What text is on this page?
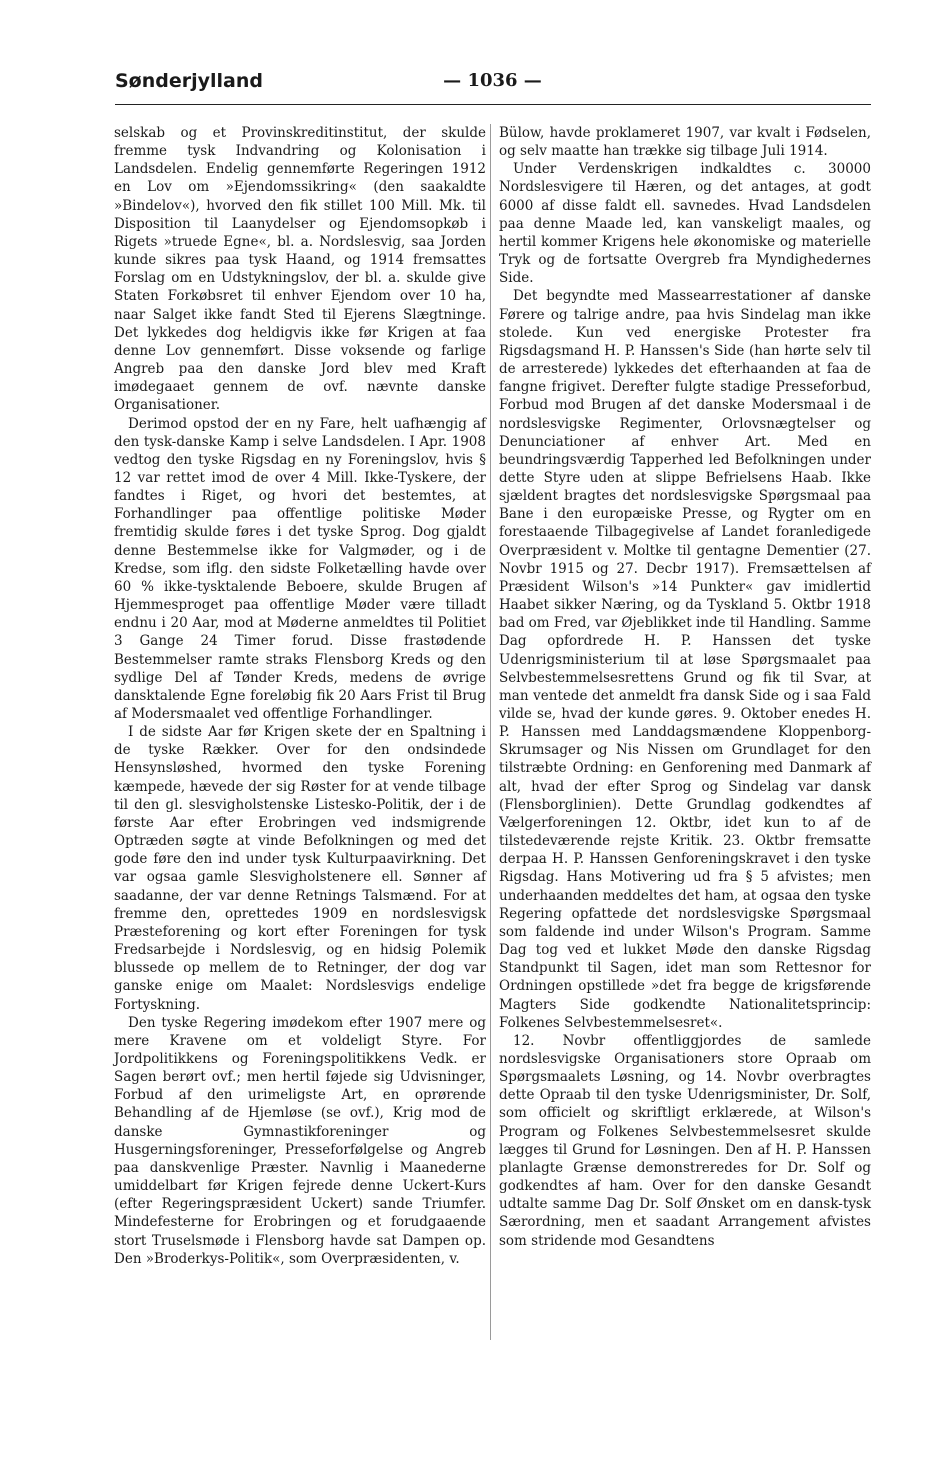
Sønderjylland	— 1036 —

selskab og et Provinskreditinstitut, der skulde fremme tysk Indvandring og Kolonisation i Landsdelen. Endelig gennemførte Regeringen 1912 en Lov om »Ejendomssikring« (den saakaldte »Bindelov«), hvorved den fik stillet 100 Mill. Mk. til Disposition til Laanydelser og Ejendomsopkøb i Rigets »truede Egne«, bl. a. Nordslesvig, saa Jorden kunde sikres paa tysk Haand, og 1914 fremsattes Forslag om en Udstykningslov, der bl. a. skulde give Staten Forkøbsret til enhver Ejendom over 10 ha, naar Salget ikke fandt Sted til Ejerens Slægtninge. Det lykkedes dog heldigvis ikke før Krigen at faa denne Lov gennemført. Disse voksende og farlige Angreb paa den danske Jord blev med Kraft imødegaaet gennem de ovf. nævnte danske Organisationer.

Derimod opstod der en ny Fare, helt uafhængig af den tysk-danske Kamp i selve Landsdelen. I Apr. 1908 vedtog den tyske Rigsdag en ny Foreningslov, hvis § 12 var rettet imod de over 4 Mill. Ikke-Tyskere, der fandtes i Riget, og hvori det bestemtes, at Forhandlinger paa offentlige politiske Møder fremtidig skulde føres i det tyske Sprog. Dog gjaldt denne Bestemmelse ikke for Valgmøder, og i de Kredse, som iflg. den sidste Folketælling havde over 60 % ikke-tysktalende Beboere, skulde Brugen af Hjemmesproget paa offentlige Møder være tilladt endnu i 20 Aar, mod at Møderne anmeldtes til Politiet 3 Gange 24 Timer forud. Disse frastødende Bestemmelser ramte straks Flensborg Kreds og den sydlige Del af Tønder Kreds, medens de øvrige dansktalende Egne foreløbig fik 20 Aars Frist til Brug af Modersmaalet ved offentlige Forhandlinger.

I de sidste Aar før Krigen skete der en Spaltning i de tyske Rækker. Over for den ondsindede Hensynsløshed, hvormed den tyske Forening kæmpede, hævede der sig Røster for at vende tilbage til den gl. slesvigholstenske Listesko-Politik, der i de første Aar efter Erobringen ved indsmigrende Optræden søgte at vinde Befolkningen og med det gode føre den ind under tysk Kulturpaavirkning. Det var ogsaa gamle Slesvigholstenere ell. Sønner af saadanne, der var denne Retnings Talsmænd. For at fremme den, oprettedes 1909 en nordslesvigsk Præsteforening og kort efter Foreningen for tysk Fredsarbejde i Nordslesvig, og en hidsig Polemik blussede op mellem de to Retninger, der dog var ganske enige om Maalet: Nordslesvigs endelige Fortyskning.

Den tyske Regering imødekom efter 1907 mere og mere Kravene om et voldeligt Styre. For Jordpolitikkens og Foreningspolitikkens Vedk. er Sagen berørt ovf.; men hertil føjede sig Udvisninger, Forbud af den urimeligste Art, en oprørende Behandling af de Hjemløse (se ovf.), Krig mod de danske Gymnastikforeninger og Husgerningsforeninger, Presseforfølgelse og Angreb paa danskvenlige Præster. Navnlig i Maanederne umiddelbart før Krigen fejrede denne Uckert-Kurs (efter Regeringspræsident Uckert) sande Triumfer. Mindefesterne for Erobringen og et forudgaaende stort Truselsmøde i Flensborg havde sat Dampen op. Den »Broderkys-Politik«, som Overpræsidenten, v.

Bülow, havde proklameret 1907, var kvalt i Fødselen, og selv maatte han trække sig tilbage Juli 1914.

Under Verdenskrigen indkaldtes c. 30000 Nordslesvigere til Hæren, og det antages, at godt 6000 af disse faldt ell. savnedes. Hvad Landsdelen paa denne Maade led, kan vanskeligt maales, og hertil kommer Krigens hele økonomiske og materielle Tryk og de fortsatte Overgreb fra Myndighedernes Side.

Det begyndte med Massearrestationer af danske Førere og talrige andre, paa hvis Sindelag man ikke stolede. Kun ved energiske Protester fra Rigsdagsmand H. P. Hanssen's Side (han hørte selv til de arresterede) lykkedes det efterhaanden at faa de fangne frigivet. Derefter fulgte stadige Presseforbud, Forbud mod Brugen af det danske Modersmaal i de nordslesvigske Regimenter, Orlovsnægtelser og Denunciationer af enhver Art. Med en beundringsværdig Tapperhed led Befolkningen under dette Styre uden at slippe Befrielsens Haab. Ikke sjældent bragtes det nordslesvigske Spørgsmaal paa Bane i den europæiske Presse, og Rygter om en forestaaende Tilbagegivelse af Landet foranledigede Overpræsident v. Moltke til gentagne Dementier (27. Novbr 1915 og 27. Decbr 1917). Fremsættelsen af Præsident Wilson's »14 Punkter« gav imidlertid Haabet sikker Næring, og da Tyskland 5. Oktbr 1918 bad om Fred, var Øjeblikket inde til Handling. Samme Dag opfordrede H. P. Hanssen det tyske Udenrigsministerium til at løse Spørgsmaalet paa Selvbestemmelsesrettens Grund og fik til Svar, at man ventede det anmeldt fra dansk Side og i saa Fald vilde se, hvad der kunde gøres. 9. Oktober enedes H. P. Hanssen med Landdagsmændene Kloppenborg-Skrumsager og Nis Nissen om Grundlaget for den tilstræbte Ordning: en Genforening med Danmark af alt, hvad der efter Sprog og Sindelag var dansk (Flensborglinien). Dette Grundlag godkendtes af Vælgerforeningen 12. Oktbr, idet kun to af de tilstedeværende rejste Kritik. 23. Oktbr fremsatte derpaa H. P. Hanssen Genforeningskravet i den tyske Rigsdag. Hans Motivering ud fra § 5 afvistes; men underhaanden meddeltes det ham, at ogsaa den tyske Regering opfattede det nordslesvigske Spørgsmaal som faldende ind under Wilson's Program. Samme Dag tog ved et lukket Møde den danske Rigsdag Standpunkt til Sagen, idet man som Rettesnor for Ordningen opstillede »det fra begge de krigsførende Magters Side godkendte Nationalitetsprincip: Folkenes Selvbestemmelsesret«.

12. Novbr offentliggjordes de samlede nordslesvigske Organisationers store Opraab om Spørgsmaalets Løsning, og 14. Novbr overbragtes dette Opraab til den tyske Udenrigsminister, Dr. Solf, som officielt og skriftligt erklærede, at Wilson's Program og Folkenes Selvbestemmelsesret skulde lægges til Grund for Løsningen. Den af H. P. Hanssen planlagte Grænse demonstreredes for Dr. Solf og godkendtes af ham. Over for den danske Gesandt udtalte samme Dag Dr. Solf Ønsket om en dansk-tysk Særordning, men et saadant Arrangement afvistes som stridende mod Gesandtens
